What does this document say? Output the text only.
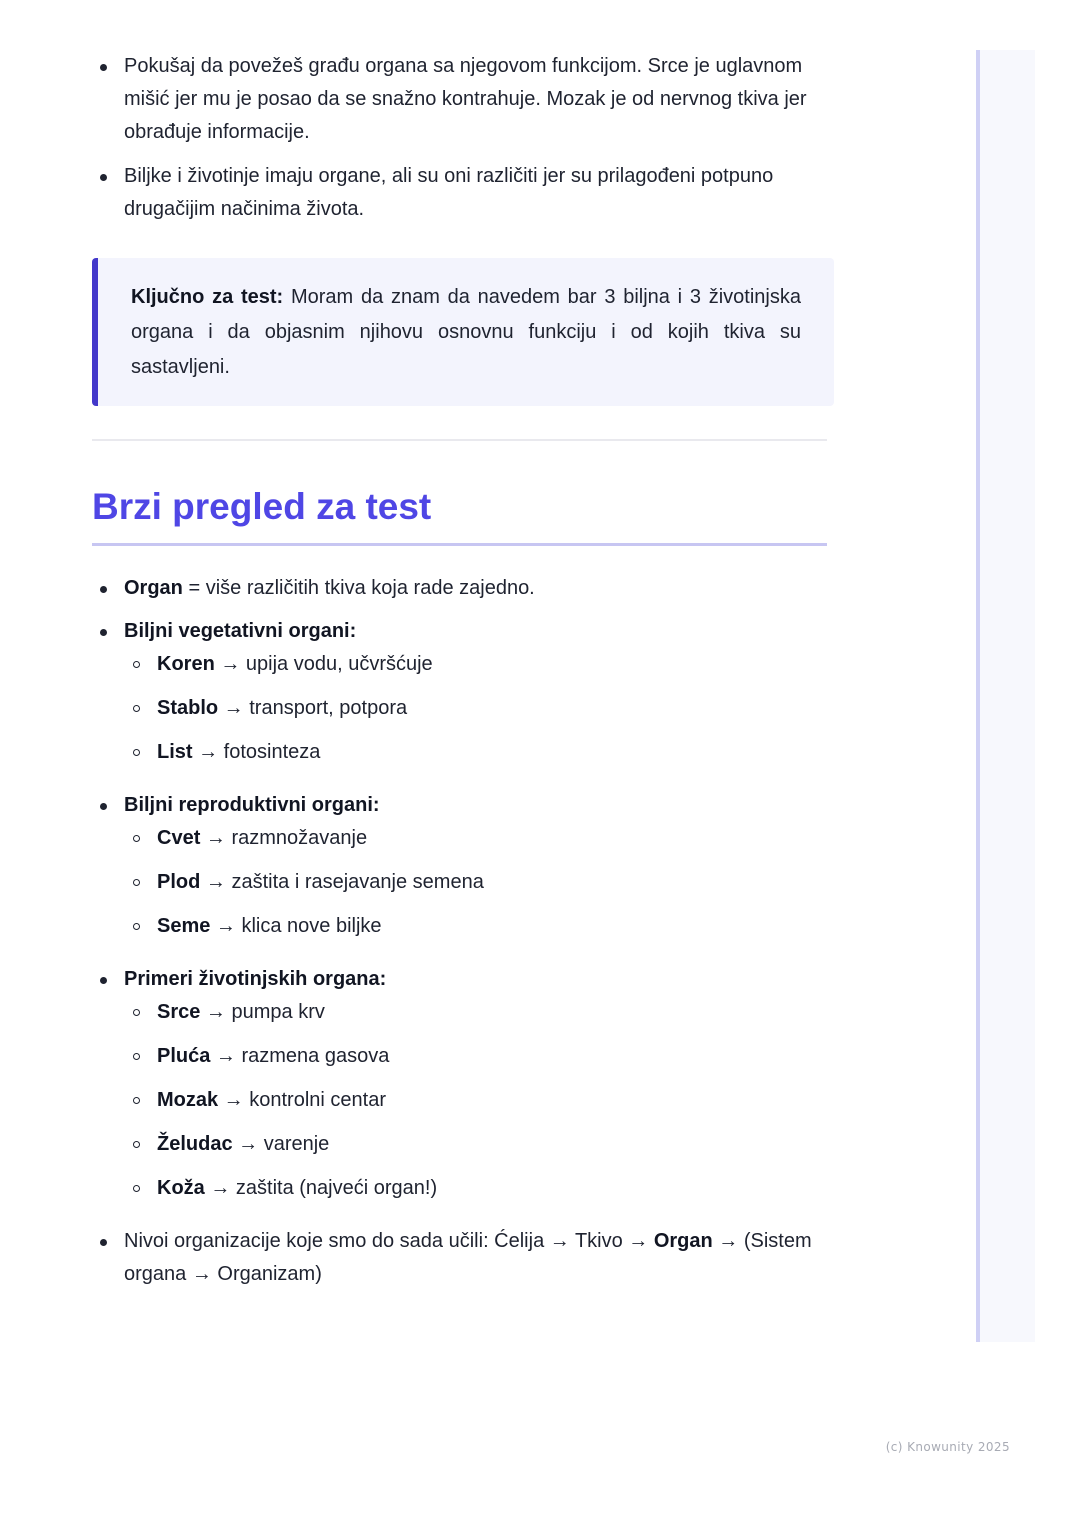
Pokušaj da povežeš građu organa sa njegovom funkcijom. Srce je uglavnom mišić jer mu je posao da se snažno kontrahuje. Mozak je od nervnog tkiva jer obrađuje informacije.
Biljke i životinje imaju organe, ali su oni različiti jer su prilagođeni potpuno drugačijim načinima života.
Ključno za test: Moram da znam da navedem bar 3 biljna i 3 životinjska organa i da objasnim njihovu osnovnu funkciju i od kojih tkiva su sastavljeni.
Brzi pregled za test
Organ = više različitih tkiva koja rade zajedno.
Biljni vegetativni organi:
Koren → upija vodu, učvršćuje
Stablo → transport, potpora
List → fotosinteza
Biljni reproduktivni organi:
Cvet → razmnožavanje
Plod → zaštita i rasejavanje semena
Seme → klica nove biljke
Primeri životinjskih organa:
Srce → pumpa krv
Pluća → razmena gasova
Mozak → kontrolni centar
Želudac → varenje
Koža → zaštita (najveći organ!)
Nivoi organizacije koje smo do sada učili: Ćelija → Tkivo → Organ → (Sistem organa → Organizam)
(c) Knowunity 2025
